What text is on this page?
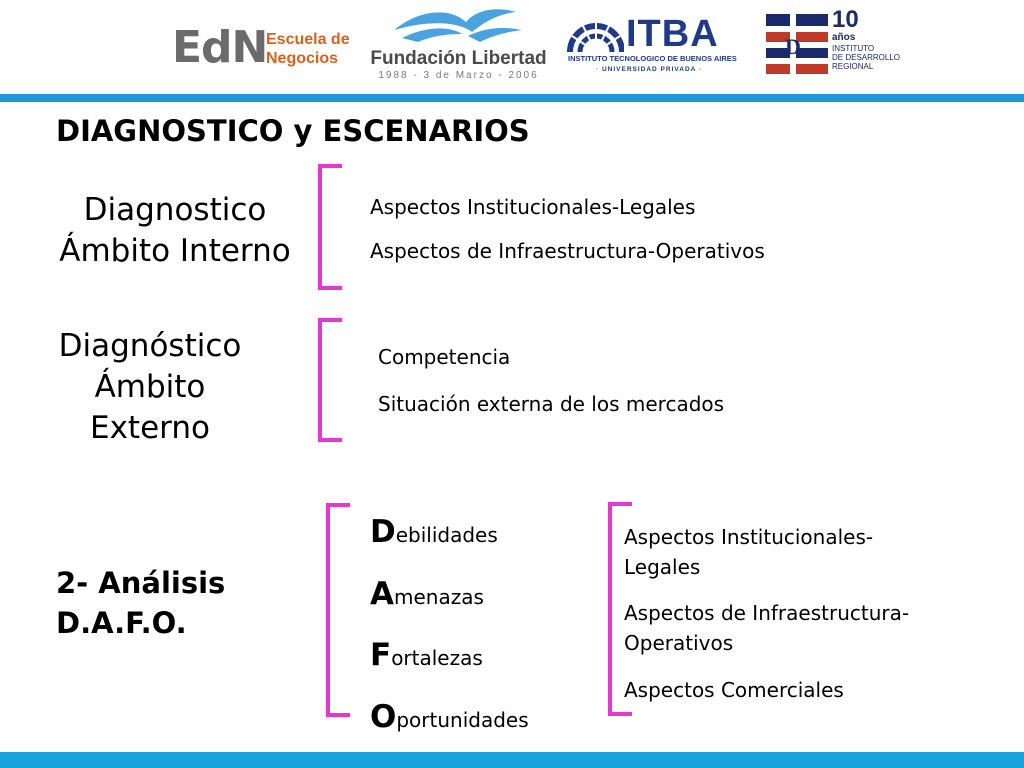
EdN
Escuela de
Negocios	Fundación Libertad
1988 - 3 de Marzo - 2006
ITBA
INSTITUTO TECNOLOGICO DE BUENOS AIRES
· UNIVERSIDAD PRIVADA ·
D
10
años
INSTITUTO
DE DESARROLLO
REGIONAL
DIAGNOSTICO y ESCENARIOS
Diagnostico
Ámbito Interno
Aspectos Institucionales-Legales
Aspectos de Infraestructura-Operativos
Diagnóstico
Ámbito
Externo
Competencia
Situación externa de los mercados
2- Análisis
D.A.F.O.
Debilidades
Amenazas
Fortalezas
Oportunidades
Aspectos Institucionales-
Legales
Aspectos de Infraestructura-
Operativos
Aspectos Comerciales
